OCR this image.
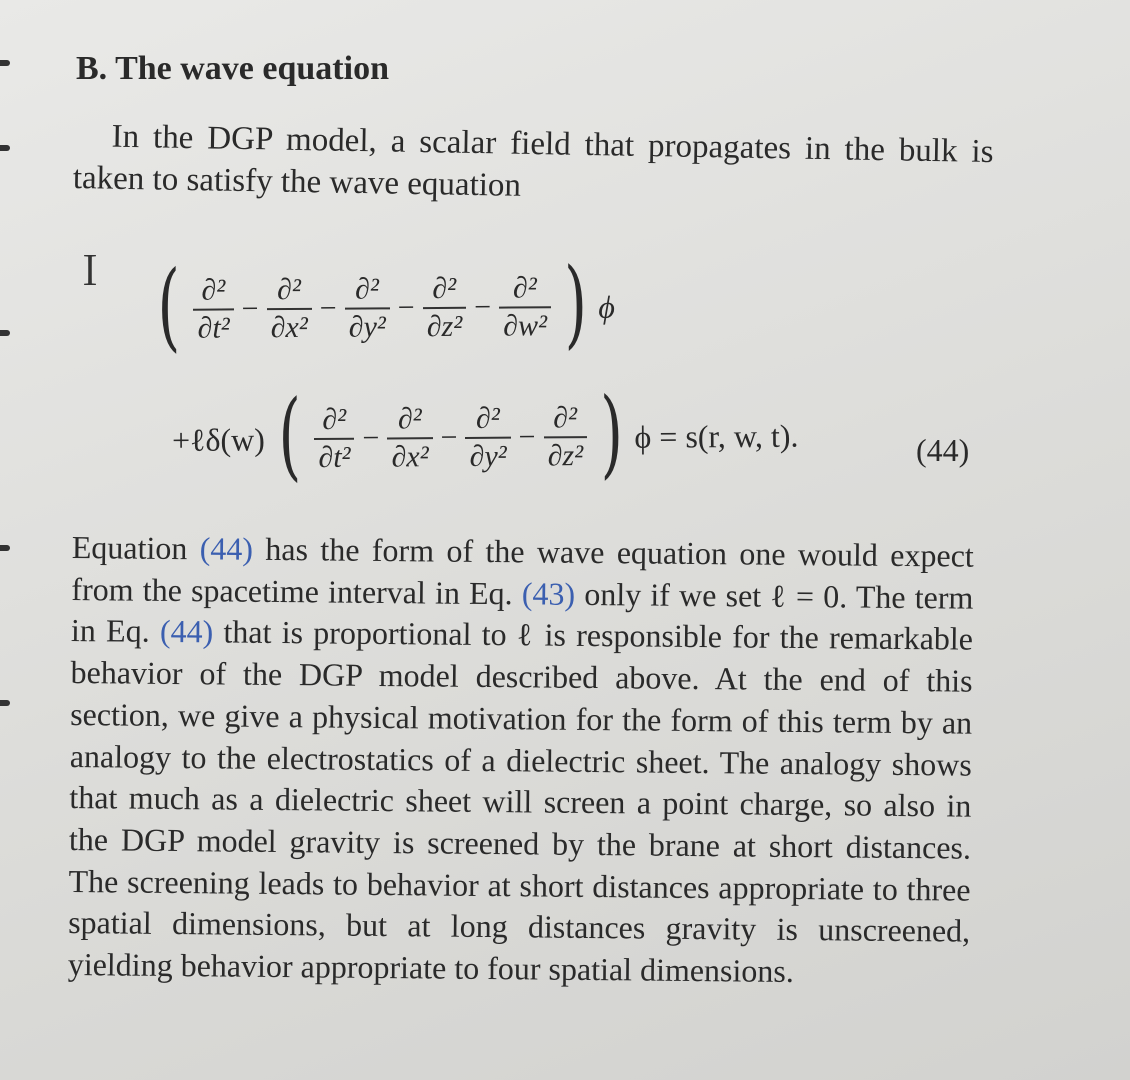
B. The wave equation

In the DGP model, a scalar field that propagates in the bulk is taken to satisfy the wave equation

Ｉ ( $\frac{\text{∂²}}{\text{∂t²}} - \frac{\text{∂²}}{\text{∂x²}} - \frac{\text{∂²}}{\text{∂y²}} - \frac{\text{∂²}}{\text{∂z²}} - \frac{\text{∂²}}{\text{∂w²}}$ ) ϕ
+ℓδ(w) ( $\frac{\text{∂²}}{\text{∂t²}} - \frac{\text{∂²}}{\text{∂x²}} - \frac{\text{∂²}}{\text{∂y²}} - \frac{\text{∂²}}{\text{∂z²}}$ ) ϕ = s(r, w, t).	(44)

Equation (44) has the form of the wave equation one would expect from the spacetime interval in Eq. (43) only if we set ℓ = 0. The term in Eq. (44) that is proportional to ℓ is responsible for the remarkable behavior of the DGP model described above. At the end of this section, we give a physical motivation for the form of this term by an analogy to the electrostatics of a dielectric sheet. The analogy shows that much as a dielectric sheet will screen a point charge, so also in the DGP model gravity is screened by the brane at short distances. The screening leads to behavior at short distances appropriate to three spatial dimensions, but at long distances gravity is unscreened, yielding behavior appropriate to four spatial dimensions.
